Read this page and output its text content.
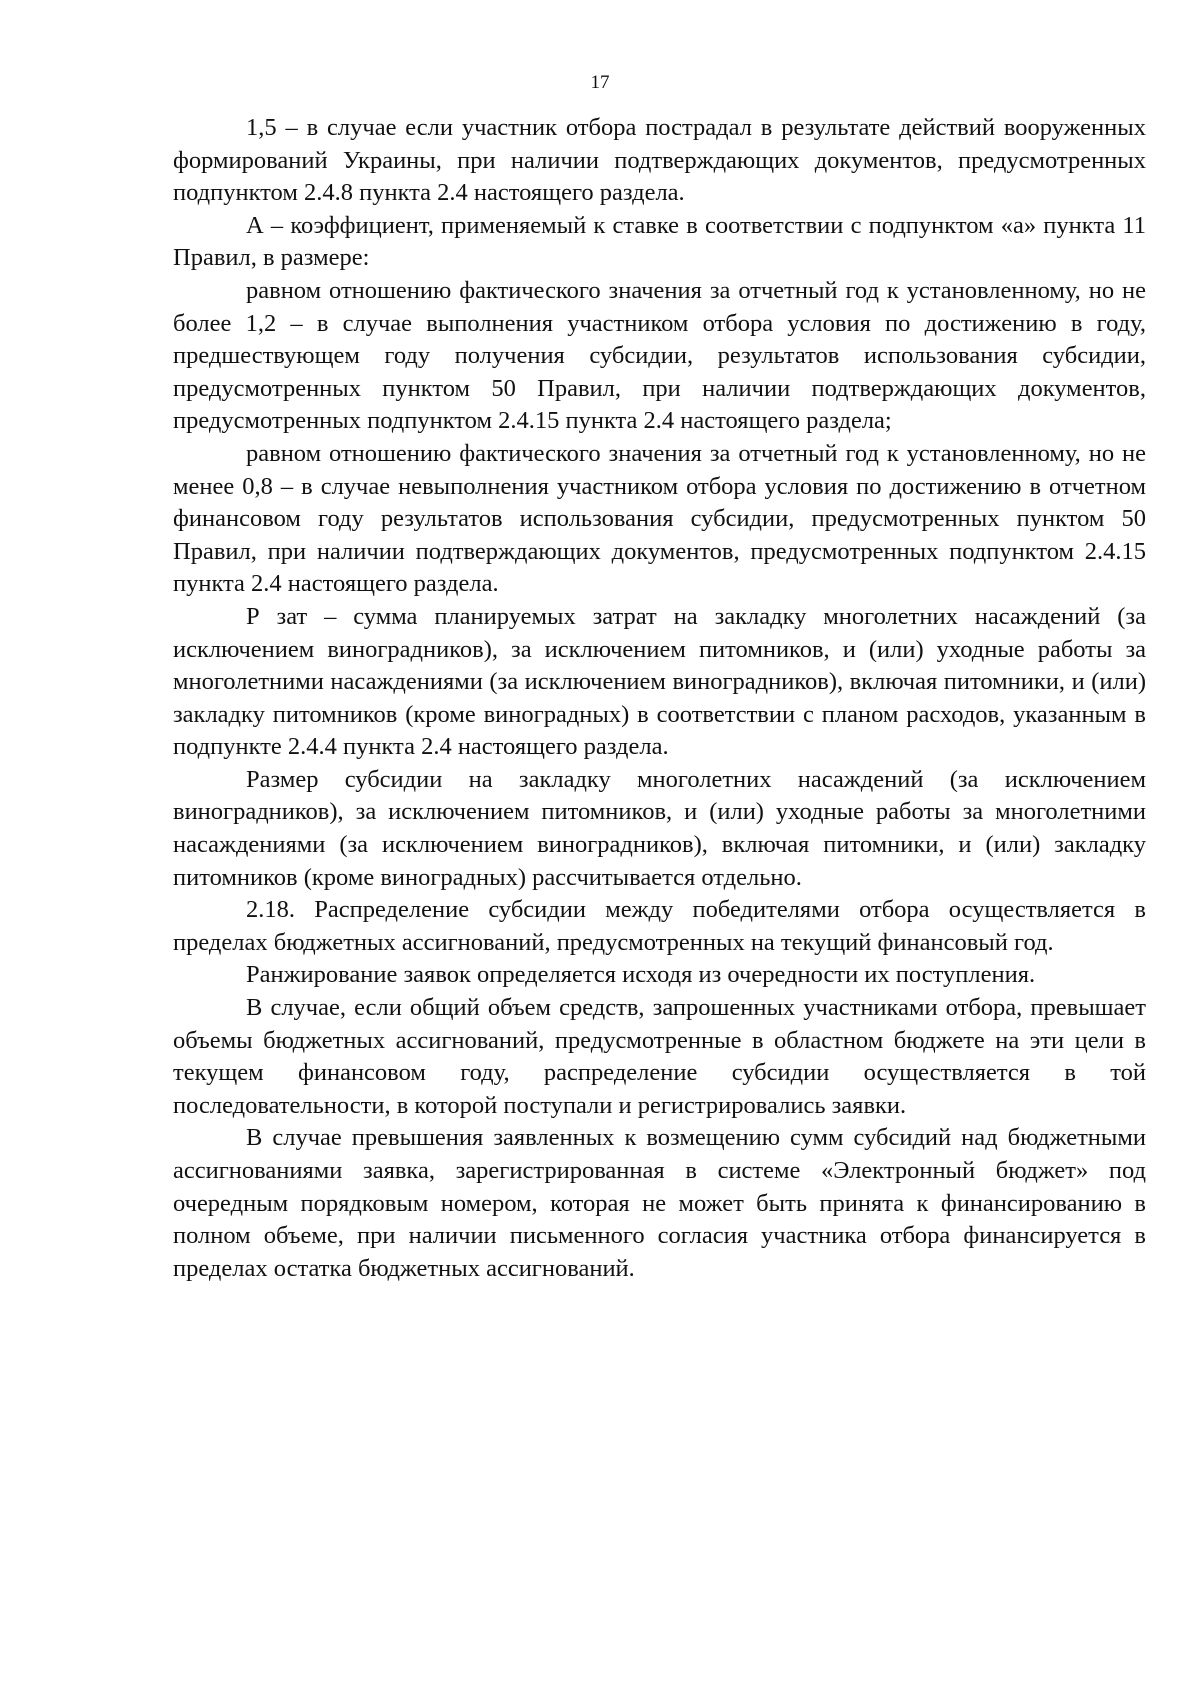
17

1,5 – в случае если участник отбора пострадал в результате действий вооруженных формирований Украины, при наличии подтверждающих документов, предусмотренных подпунктом 2.4.8 пункта 2.4 настоящего раздела.

А – коэффициент, применяемый к ставке в соответствии с подпунктом «а» пункта 11 Правил, в размере:

равном отношению фактического значения за отчетный год к установленному, но не более 1,2 – в случае выполнения участником отбора условия по достижению в году, предшествующем году получения субсидии, результатов использования субсидии, предусмотренных пунктом 50 Правил, при наличии подтверждающих документов, предусмотренных подпунктом 2.4.15 пункта 2.4 настоящего раздела;

равном отношению фактического значения за отчетный год к установленному, но не менее 0,8 – в случае невыполнения участником отбора условия по достижению в отчетном финансовом году результатов использования субсидии, предусмотренных пунктом 50 Правил, при наличии подтверждающих документов, предусмотренных подпунктом 2.4.15 пункта 2.4 настоящего раздела.

Р зат – сумма планируемых затрат на закладку многолетних насаждений (за исключением виноградников), за исключением питомников, и (или) уходные работы за многолетними насаждениями (за исключением виноградников), включая питомники, и (или) закладку питомников (кроме виноградных) в соответствии с планом расходов, указанным в подпункте 2.4.4 пункта 2.4 настоящего раздела.

Размер субсидии на закладку многолетних насаждений (за исключением виноградников), за исключением питомников, и (или) уходные работы за многолетними насаждениями (за исключением виноградников), включая питомники, и (или) закладку питомников (кроме виноградных) рассчитывается отдельно.

2.18. Распределение субсидии между победителями отбора осуществляется в пределах бюджетных ассигнований, предусмотренных на текущий финансовый год.

Ранжирование заявок определяется исходя из очередности их поступления.

В случае, если общий объем средств, запрошенных участниками отбора, превышает объемы бюджетных ассигнований, предусмотренные в областном бюджете на эти цели в текущем финансовом году, распределение субсидии осуществляется в той последовательности, в которой поступали и регистрировались заявки.

В случае превышения заявленных к возмещению сумм субсидий над бюджетными ассигнованиями заявка, зарегистрированная в системе «Электронный бюджет» под очередным порядковым номером, которая не может быть принята к финансированию в полном объеме, при наличии письменного согласия участника отбора финансируется в пределах остатка бюджетных ассигнований.
